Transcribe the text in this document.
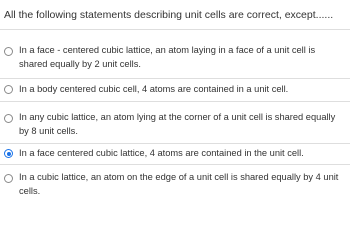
All the following statements describing unit cells are correct, except......
In a face - centered cubic lattice, an atom laying in a face of a unit cell is shared equally by 2 unit cells.
In a body centered cubic cell, 4 atoms are contained in a unit cell.
In any cubic lattice, an atom lying at the corner of a unit cell is shared equally by 8 unit cells.
In a face centered cubic lattice, 4 atoms are contained in the unit cell.
In a cubic lattice, an atom on the edge of a unit cell is shared equally by 4 unit cells.
